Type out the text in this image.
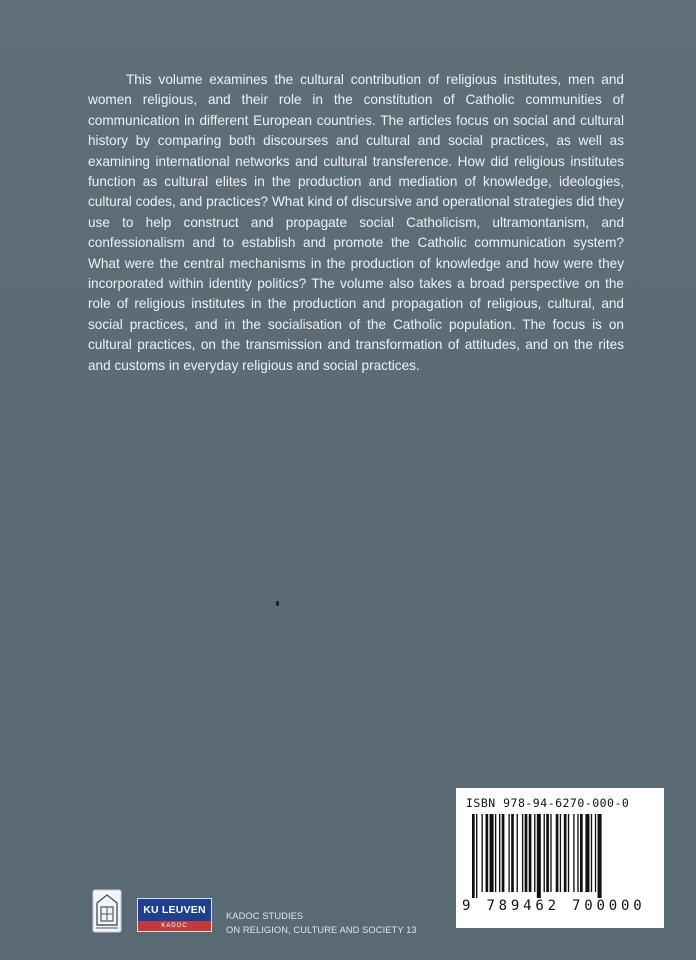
This volume examines the cultural contribution of religious institutes, men and women religious, and their role in the constitution of Catholic communities of communication in different European countries. The articles focus on social and cultural history by comparing both discourses and cultural and social practices, as well as examining international networks and cultural transference. How did religious institutes function as cultural elites in the production and mediation of knowledge, ideologies, cultural codes, and practices? What kind of discursive and operational strategies did they use to help construct and propagate social Catholicism, ultramontanism, and confessionalism and to establish and promote the Catholic communication system? What were the central mechanisms in the production of knowledge and how were they incorporated within identity politics? The volume also takes a broad perspective on the role of religious institutes in the production and propagation of religious, cultural, and social practices, and in the socialisation of the Catholic population. The focus is on cultural practices, on the transmission and transformation of attitudes, and on the rites and customs in everyday religious and social practices.

ISBN 978-94-6270-000-0
9 789462 700000
KU LEUVEN
KADOC
KADOC STUDIES
ON RELIGION, CULTURE AND SOCIETY 13
